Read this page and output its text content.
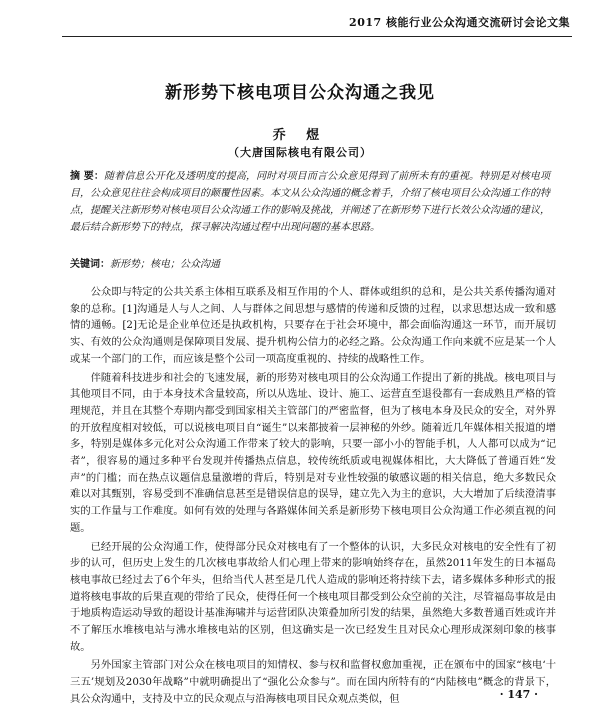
2017 核能行业公众沟通交流研讨会论文集
新形势下核电项目公众沟通之我见
乔 煜
（大唐国际核电有限公司）
摘 要：随着信息公开化及透明度的提高，同时对项目而言公众意见得到了前所未有的重视。特别是对核电项目，公众意见往往会构成项目的颠覆性因素。本文从公众沟通的概念着手，介绍了核电项目公众沟通工作的特点，提醒关注新形势对核电项目公众沟通工作的影响及挑战，并阐述了在新形势下进行长效公众沟通的建议，最后结合新形势下的特点，探寻解决沟通过程中出现问题的基本思路。
关键词：新形势；核电；公众沟通

公众即与特定的公共关系主体相互联系及相互作用的个人、群体或组织的总和，是公共关系传播沟通对象的总称。[1]沟通是人与人之间、人与群体之间思想与感情的传递和反馈的过程，以求思想达成一致和感情的通畅。[2]无论是企业单位还是执政机构，只要存在于社会环境中，都会面临沟通这一环节，而开展切实、有效的公众沟通则是保障项目发展、提升机构公信力的必经之路。公众沟通工作向来就不应是某一个人或某一个部门的工作，而应该是整个公司一项高度重视的、持续的战略性工作。

伴随着科技进步和社会的飞速发展，新的形势对核电项目的公众沟通工作提出了新的挑战。核电项目与其他项目不同，由于本身技术含量较高，所以从选址、设计、施工、运营直至退役都有一套成熟且严格的管理规范，并且在其整个寿期内都受到国家相关主管部门的严密监督，但为了核电本身及民众的安全，对外界的开放程度相对较低，可以说核电项目自“诞生”以来都披着一层神秘的外纱。随着近几年媒体相关报道的增多，特别是媒体多元化对公众沟通工作带来了较大的影响，只要一部小小的智能手机，人人都可以成为“记者”，很容易的通过多种平台发现并传播热点信息，较传统纸质或电视媒体相比，大大降低了普通百姓“发声”的门槛；而在热点议题信息量激增的背后，特别是对专业性较强的敏感议题的相关信息，绝大多数民众难以对其甄别，容易受到不准确信息甚至是错误信息的误导，建立先入为主的意识，大大增加了后续澄清事实的工作量与工作难度。如何有效的处理与各路媒体间关系是新形势下核电项目公众沟通工作必须直视的问题。

已经开展的公众沟通工作，使得部分民众对核电有了一个整体的认识，大多民众对核电的安全性有了初步的认可，但历史上发生的几次核电事故给人们心理上带来的影响始终存在，虽然2011年发生的日本福岛核电事故已经过去了6个年头，但给当代人甚至是几代人造成的影响还将持续下去，诸多媒体多种形式的报道将核电事故的后果直观的带给了民众，使得任何一个核电项目都受到公众空前的关注，尽管福岛事故是由于地质构造运动导致的超设计基准海啸并与运营团队决策叠加所引发的结果，虽然绝大多数普通百姓或许并不了解压水堆核电站与沸水堆核电站的区别，但这确实是一次已经发生且对民众心理形成深刻印象的核事故。

另外国家主管部门对公众在核电项目的知情权、参与权和监督权愈加重视，正在颁布中的国家“核电‘十三五’规划及2030年战略”中就明确提出了“强化公众参与”。而在国内所特有的“内陆核电”概念的背景下，具公众沟通中，支持及中立的民众观点与沿海核电项目民众观点类似，但	· 147 ·
